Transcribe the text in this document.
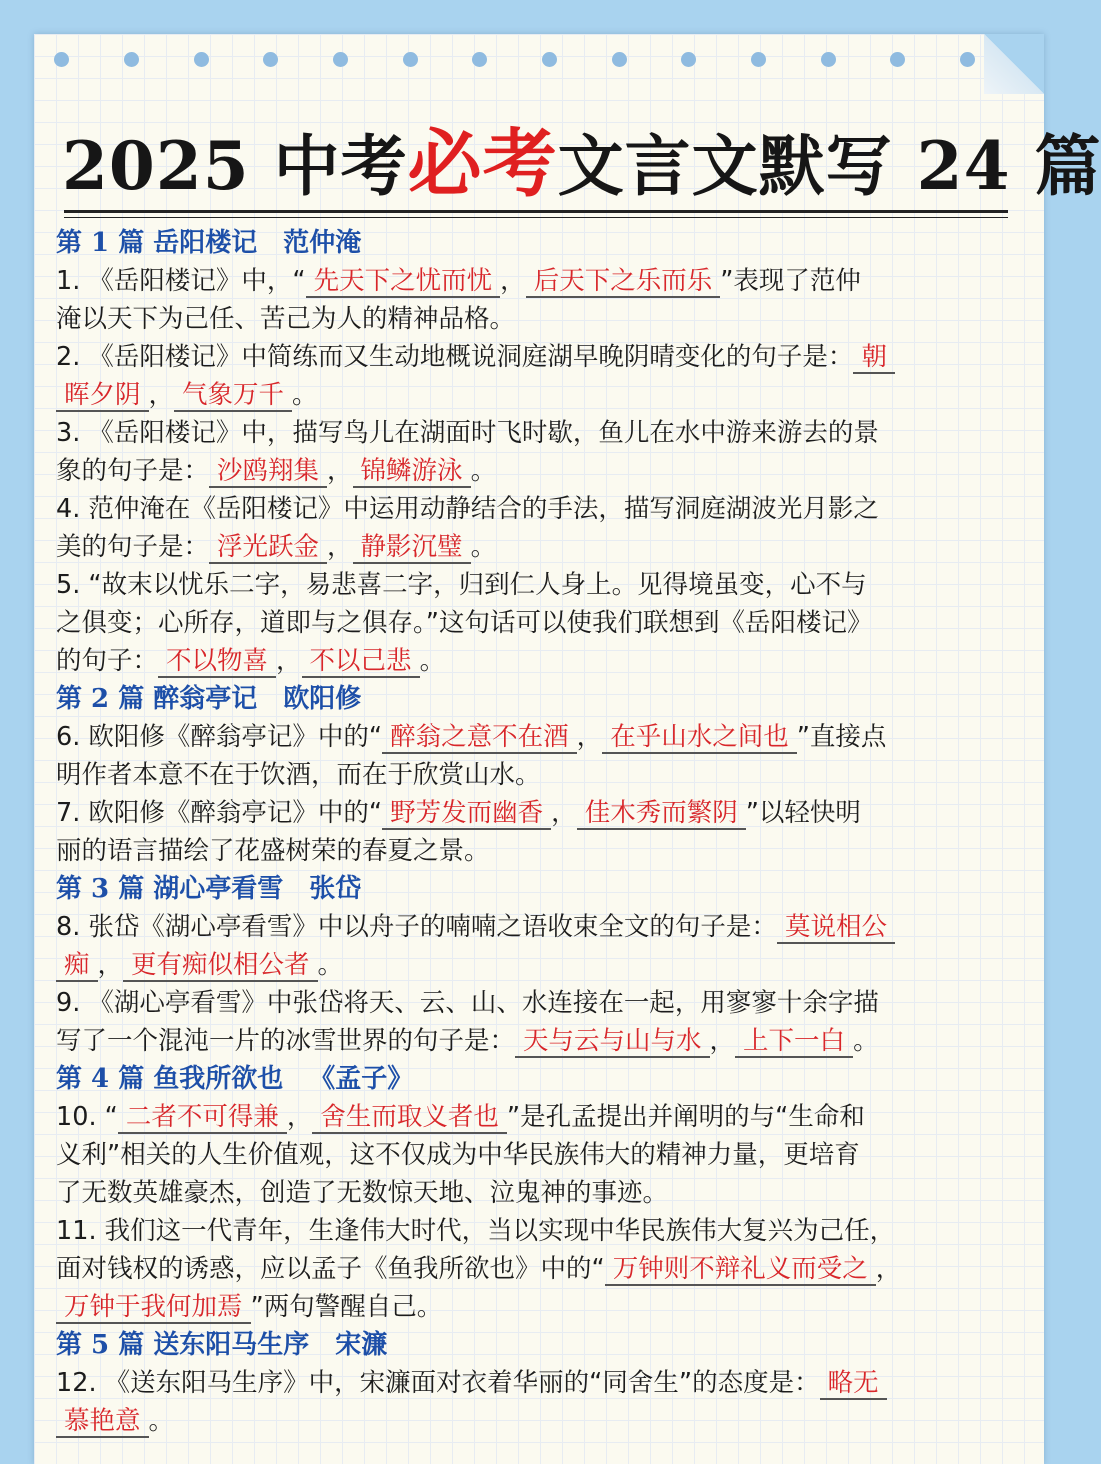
2025 中考必考文言文默写 24 篇

第 1 篇 岳阳楼记 范仲淹

1. 《岳阳楼记》中，“ 先天下之忧而忧 ， 后天下之乐而乐 ”表现了范仲
淹以天下为己任、苦己为人的精神品格。

2. 《岳阳楼记》中简练而又生动地概说洞庭湖早晚阴晴变化的句子是： 朝
晖夕阴 ， 气象万千 。

3. 《岳阳楼记》中，描写鸟儿在湖面时飞时歇，鱼儿在水中游来游去的景
象的句子是： 沙鸥翔集 ， 锦鳞游泳 。

4. 范仲淹在《岳阳楼记》中运用动静结合的手法，描写洞庭湖波光月影之
美的句子是： 浮光跃金 ， 静影沉璧 。

5. “故末以忧乐二字，易悲喜二字，归到仁人身上。见得境虽变，心不与
之俱变；心所存，道即与之俱存。”这句话可以使我们联想到《岳阳楼记》
的句子： 不以物喜 ， 不以己悲 。

第 2 篇 醉翁亭记 欧阳修

6. 欧阳修《醉翁亭记》中的“ 醉翁之意不在酒 ， 在乎山水之间也 ”直接点
明作者本意不在于饮酒，而在于欣赏山水。

7. 欧阳修《醉翁亭记》中的“ 野芳发而幽香 ， 佳木秀而繁阴 ”以轻快明
丽的语言描绘了花盛树荣的春夏之景。

第 3 篇 湖心亭看雪 张岱

8. 张岱《湖心亭看雪》中以舟子的喃喃之语收束全文的句子是： 莫说相公
痴 ， 更有痴似相公者 。

9. 《湖心亭看雪》中张岱将天、云、山、水连接在一起，用寥寥十余字描
写了一个混沌一片的冰雪世界的句子是： 天与云与山与水 ， 上下一白 。

第 4 篇 鱼我所欲也 《孟子》

10. “ 二者不可得兼 ， 舍生而取义者也 ”是孔孟提出并阐明的与“生命和
义利”相关的人生价值观，这不仅成为中华民族伟大的精神力量，更培育
了无数英雄豪杰，创造了无数惊天地、泣鬼神的事迹。

11. 我们这一代青年，生逢伟大时代，当以实现中华民族伟大复兴为己任，
面对钱权的诱惑，应以孟子《鱼我所欲也》中的“ 万钟则不辩礼义而受之 ，
万钟于我何加焉 ”两句警醒自己。

第 5 篇 送东阳马生序 宋濂

12. 《送东阳马生序》中，宋濂面对衣着华丽的“同舍生”的态度是： 略无
慕艳意 。
